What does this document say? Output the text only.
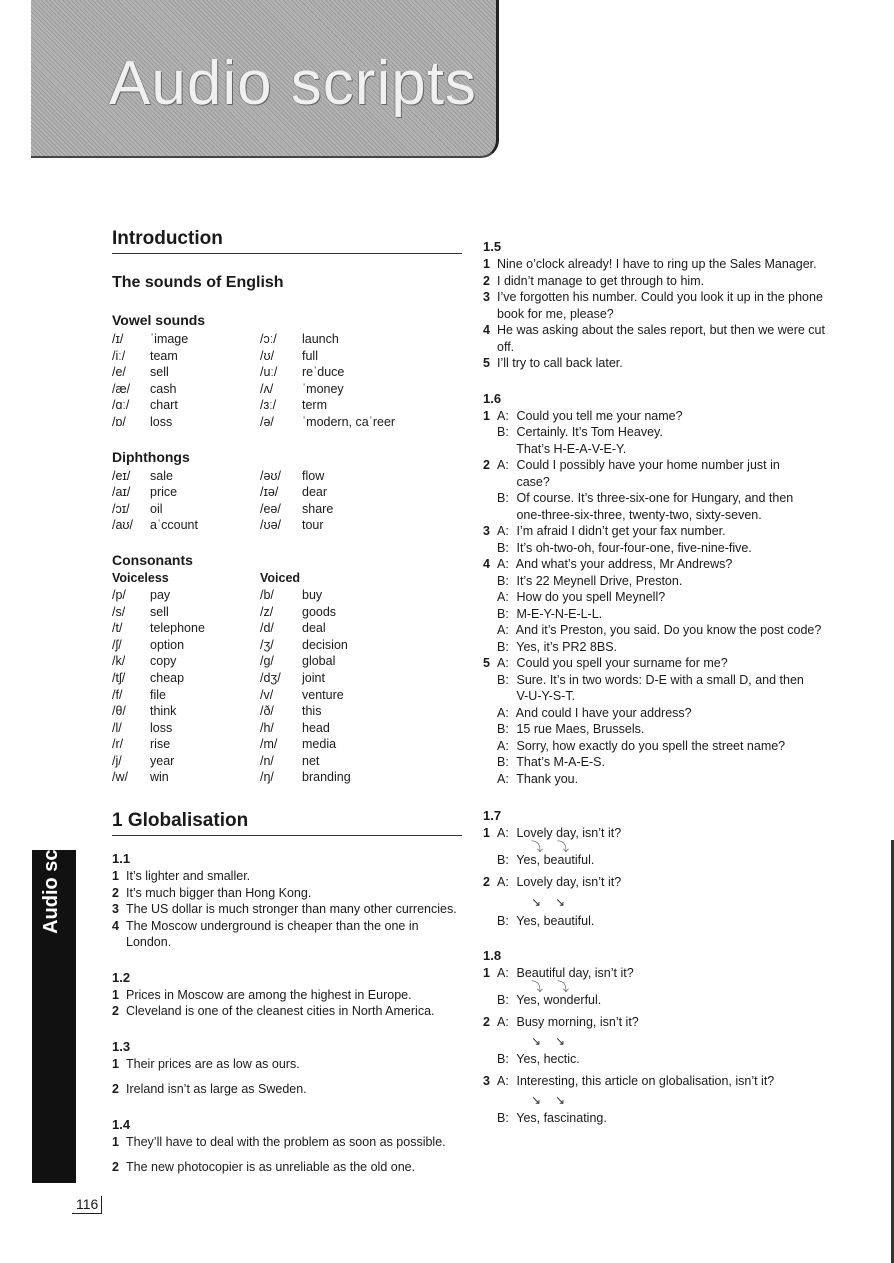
Audio scripts
Audio scripts
116
Introduction
The sounds of English
Vowel sounds
/ɪ/	ˈimage	/ɔː/	launch
/iː/	team	/ʊ/	full
/e/	sell	/uː/	reˈduce
/æ/	cash	/ʌ/	ˈmoney
/ɑː/	chart	/ɜː/	term
/ɒ/	loss	/ə/	ˈmodern, caˈreer
Diphthongs
/eɪ/	sale	/əʊ/	flow
/aɪ/	price	/ɪə/	dear
/ɔɪ/	oil	/eə/	share
/aʊ/	aˈccount	/ʊə/	tour
Consonants
Voiceless	Voiced
/p/	pay	/b/	buy
/s/	sell	/z/	goods
/t/	telephone	/d/	deal
/ʃ/	option	/ʒ/	decision
/k/	copy	/g/	global
/tʃ/	cheap	/dʒ/	joint
/f/	file	/v/	venture
/θ/	think	/ð/	this
/l/	loss	/h/	head
/r/	rise	/m/	media
/j/	year	/n/	net
/w/	win	/ŋ/	branding
1 Globalisation
1.1
1 It’s lighter and smaller.
2 It’s much bigger than Hong Kong.
3 The US dollar is much stronger than many other currencies.
4 The Moscow underground is cheaper than the one in
London.
1.2
1 Prices in Moscow are among the highest in Europe.
2 Cleveland is one of the cleanest cities in North America.
1.3
1 Their prices are as low as ours.
2 Ireland isn’t as large as Sweden.
1.4
1 They’ll have to deal with the problem as soon as possible.
2 The new photocopier is as unreliable as the old one.
1.5
1 Nine o’clock already! I have to ring up the Sales Manager.
2 I didn’t manage to get through to him.
3 I’ve forgotten his number. Could you look it up in the phone
book for me, please?
4 He was asking about the sales report, but then we were cut
off.
5 I’ll try to call back later.
1.6
1 A: Could you tell me your name?
B: Certainly. It’s Tom Heavey.
That’s H-E-A-V-E-Y.
2 A: Could I possibly have your home number just in
case?
B: Of course. It’s three-six-one for Hungary, and then
one-three-six-three, twenty-two, sixty-seven.
3 A: I’m afraid I didn’t get your fax number.
B: It’s oh-two-oh, four-four-one, five-nine-five.
4 A: And what’s your address, Mr Andrews?
B: It’s 22 Meynell Drive, Preston.
A: How do you spell Meynell?
B: M-E-Y-N-E-L-L.
A: And it’s Preston, you said. Do you know the post code?
B: Yes, it’s PR2 8BS.
5 A: Could you spell your surname for me?
B: Sure. It’s in two words: D-E with a small D, and then
V-U-Y-S-T.
A: And could I have your address?
B: 15 rue Maes, Brussels.
A: Sorry, how exactly do you spell the street name?
B: That’s M-A-E-S.
A: Thank you.
1.7
1 A: Lovely day, isn’t it?
⤵⤵
B: Yes, beautiful.
2 A: Lovely day, isn’t it?
↘↘
B: Yes, beautiful.
1.8
1 A: Beautiful day, isn’t it?
⤵⤵
B: Yes, wonderful.
2 A: Busy morning, isn’t it?
↘↘
B: Yes, hectic.
3 A: Interesting, this article on globalisation, isn’t it?
↘↘
B: Yes, fascinating.
